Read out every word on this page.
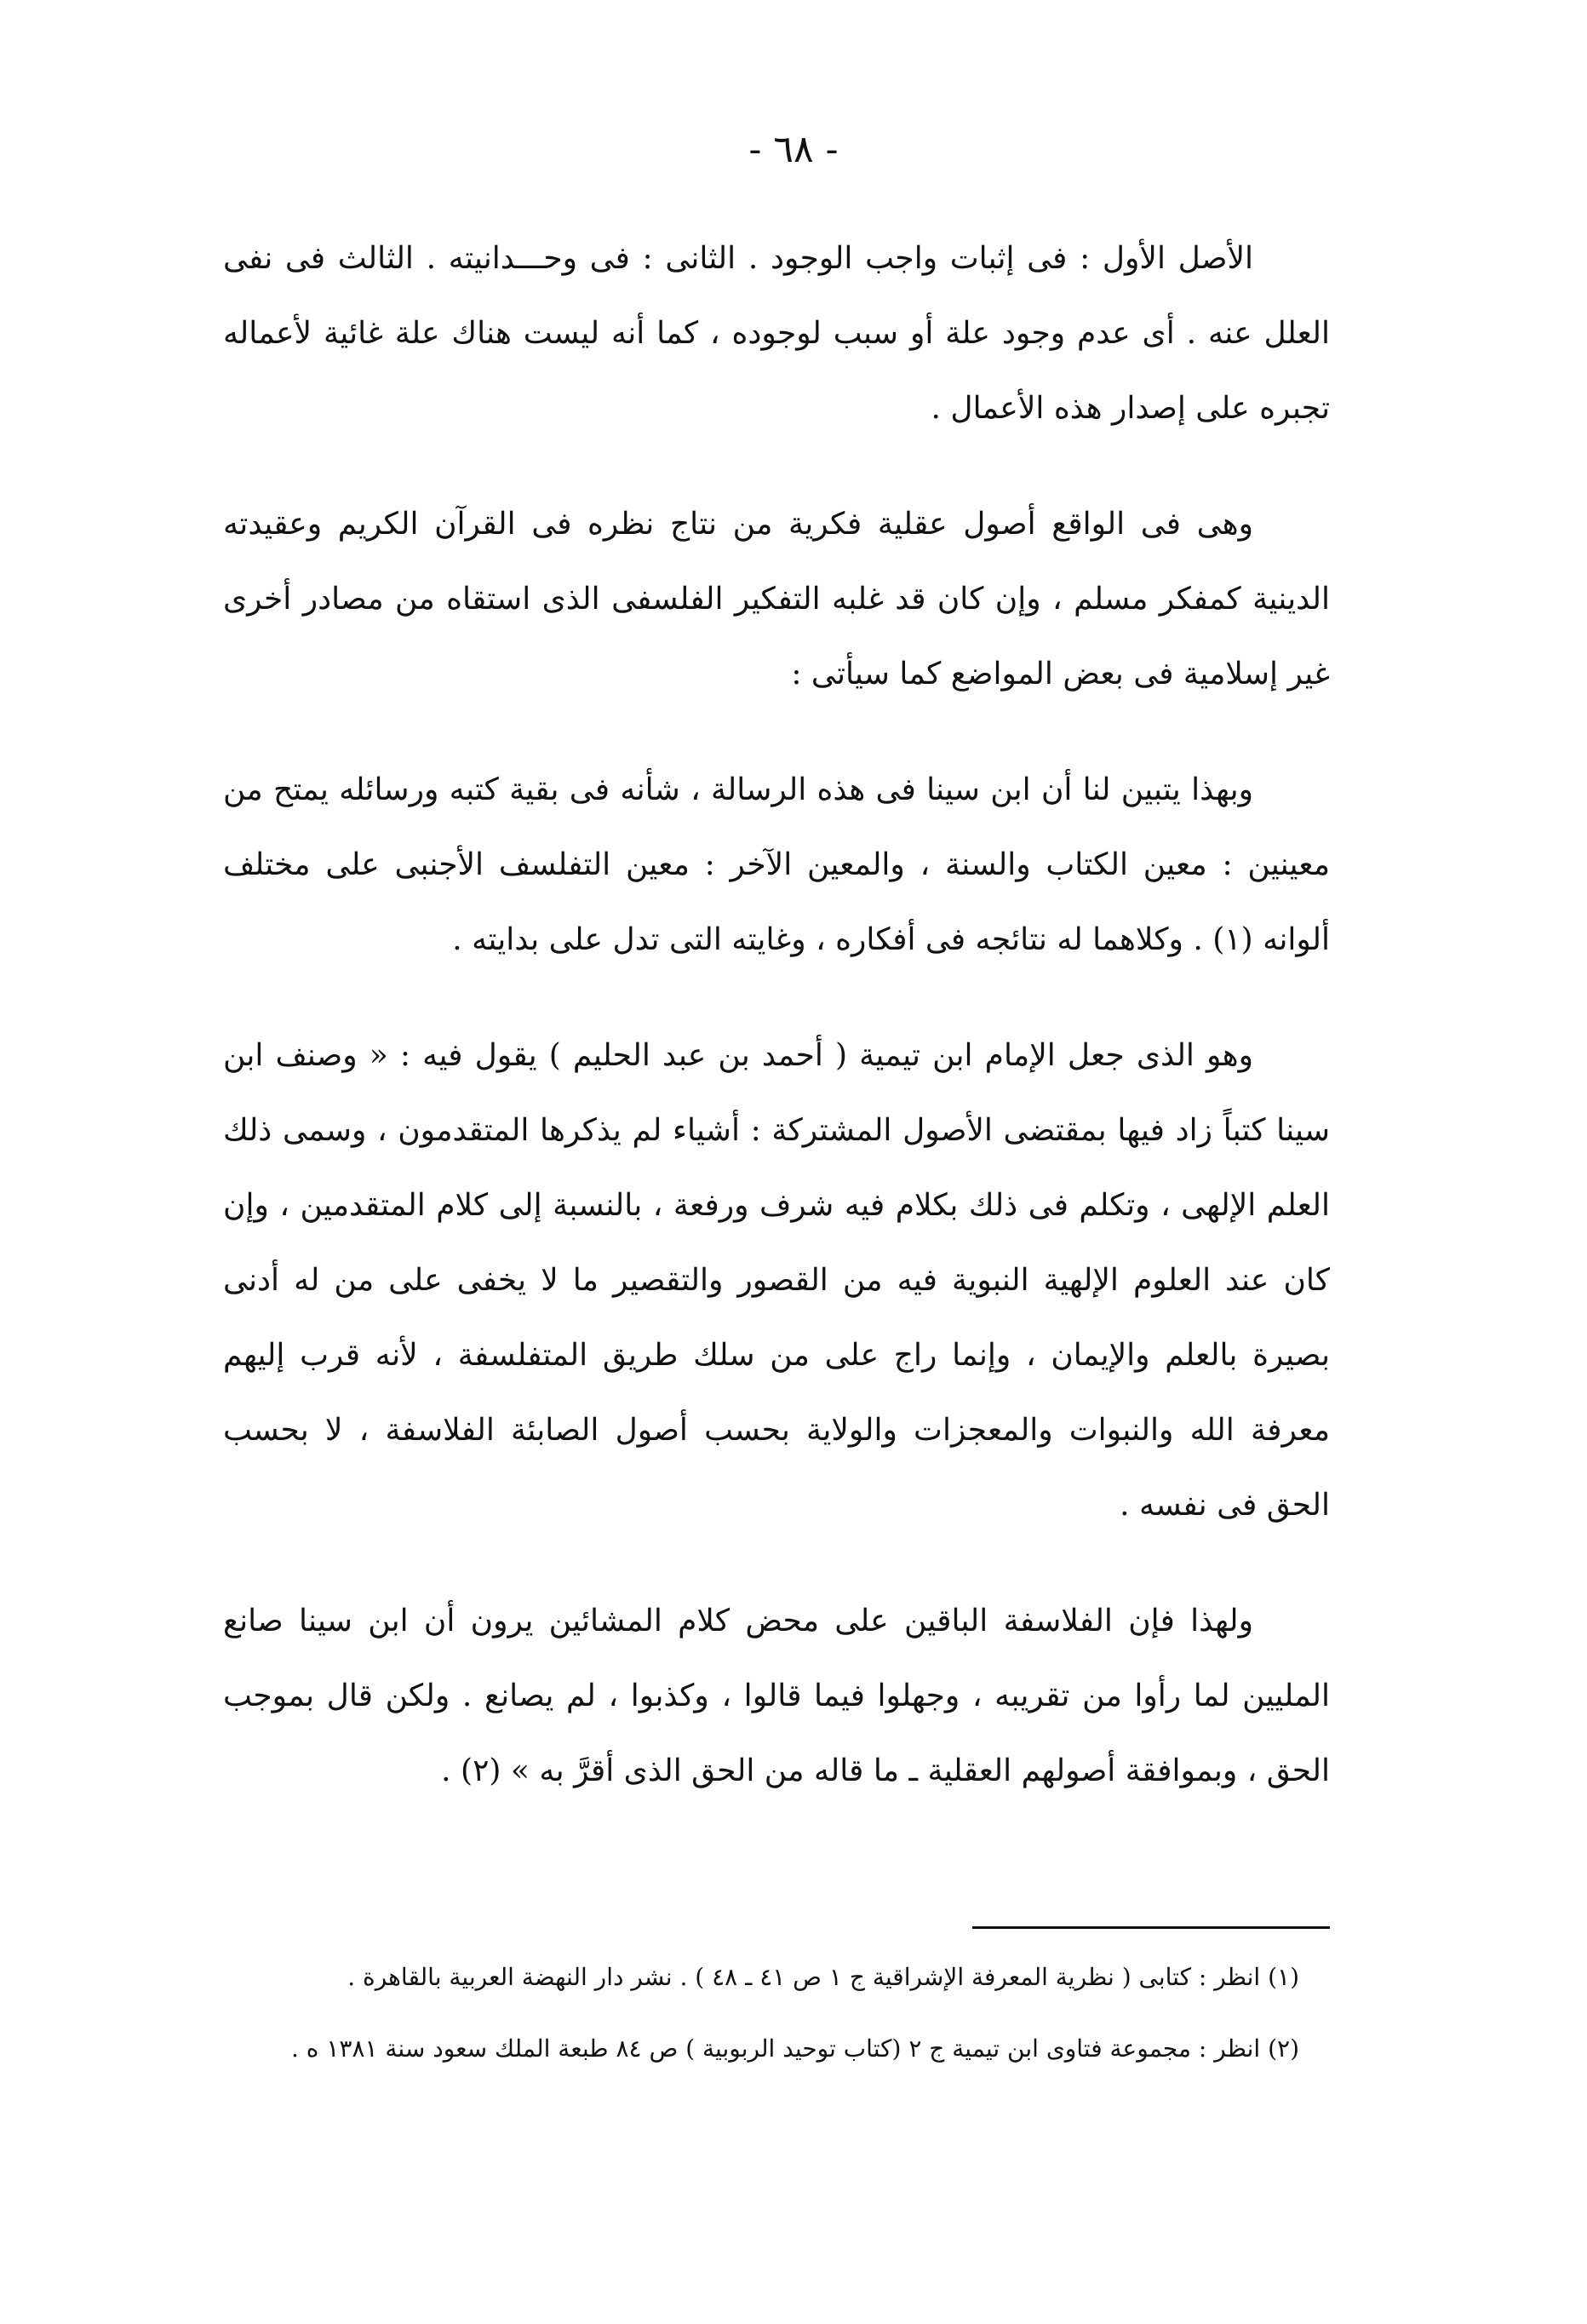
- ٦٨ -

الأصل الأول : فى إثبات واجب الوجود . الثانى : فى وحـــدانيته . الثالث فى نفى العلل عنه . أى عدم وجود علة أو سبب لوجوده ، كما أنه ليست هناك علة غائية لأعماله تجبره على إصدار هذه الأعمال .

وهى فى الواقع أصول عقلية فكرية من نتاج نظره فى القرآن الكريم وعقيدته الدينية كمفكر مسلم ، وإن كان قد غلبه التفكير الفلسفى الذى استقاه من مصادر أخرى غير إسلامية فى بعض المواضع كما سيأتى :

وبهذا يتبين لنا أن ابن سينا فى هذه الرسالة ، شأنه فى بقية كتبه ورسائله يمتح من معينين : معين الكتاب والسنة ، والمعين الآخر : معين التفلسف الأجنبى على مختلف ألوانه (١) . وكلاهما له نتائجه فى أفكاره ، وغايته التى تدل على بدايته .

وهو الذى جعل الإمام ابن تيمية ( أحمد بن عبد الحليم ) يقول فيه : « وصنف ابن سينا كتباً زاد فيها بمقتضى الأصول المشتركة : أشياء لم يذكرها المتقدمون ، وسمى ذلك العلم الإلهى ، وتكلم فى ذلك بكلام فيه شرف ورفعة ، بالنسبة إلى كلام المتقدمين ، وإن كان عند العلوم الإلهية النبوية فيه من القصور والتقصير ما لا يخفى على من له أدنى بصيرة بالعلم والإيمان ، وإنما راج على من سلك طريق المتفلسفة ، لأنه قرب إليهم معرفة الله والنبوات والمعجزات والولاية بحسب أصول الصابئة الفلاسفة ، لا بحسب الحق فى نفسه .

ولهذا فإن الفلاسفة الباقين على محض كلام المشائين يرون أن ابن سينا صانع المليين لما رأوا من تقريبه ، وجهلوا فيما قالوا ، وكذبوا ، لم يصانع . ولكن قال بموجب الحق ، وبموافقة أصولهم العقلية ـ ما قاله من الحق الذى أقرَّ به » (٢) .

(١) انظر : كتابى ( نظرية المعرفة الإشراقية ج ١ ص ٤١ ـ ٤٨ ) . نشر دار النهضة العربية بالقاهرة .

(٢) انظر : مجموعة فتاوى ابن تيمية ج ٢ (كتاب توحيد الربوبية ) ص ٨٤ طبعة الملك سعود سنة ١٣٨١ ه .
